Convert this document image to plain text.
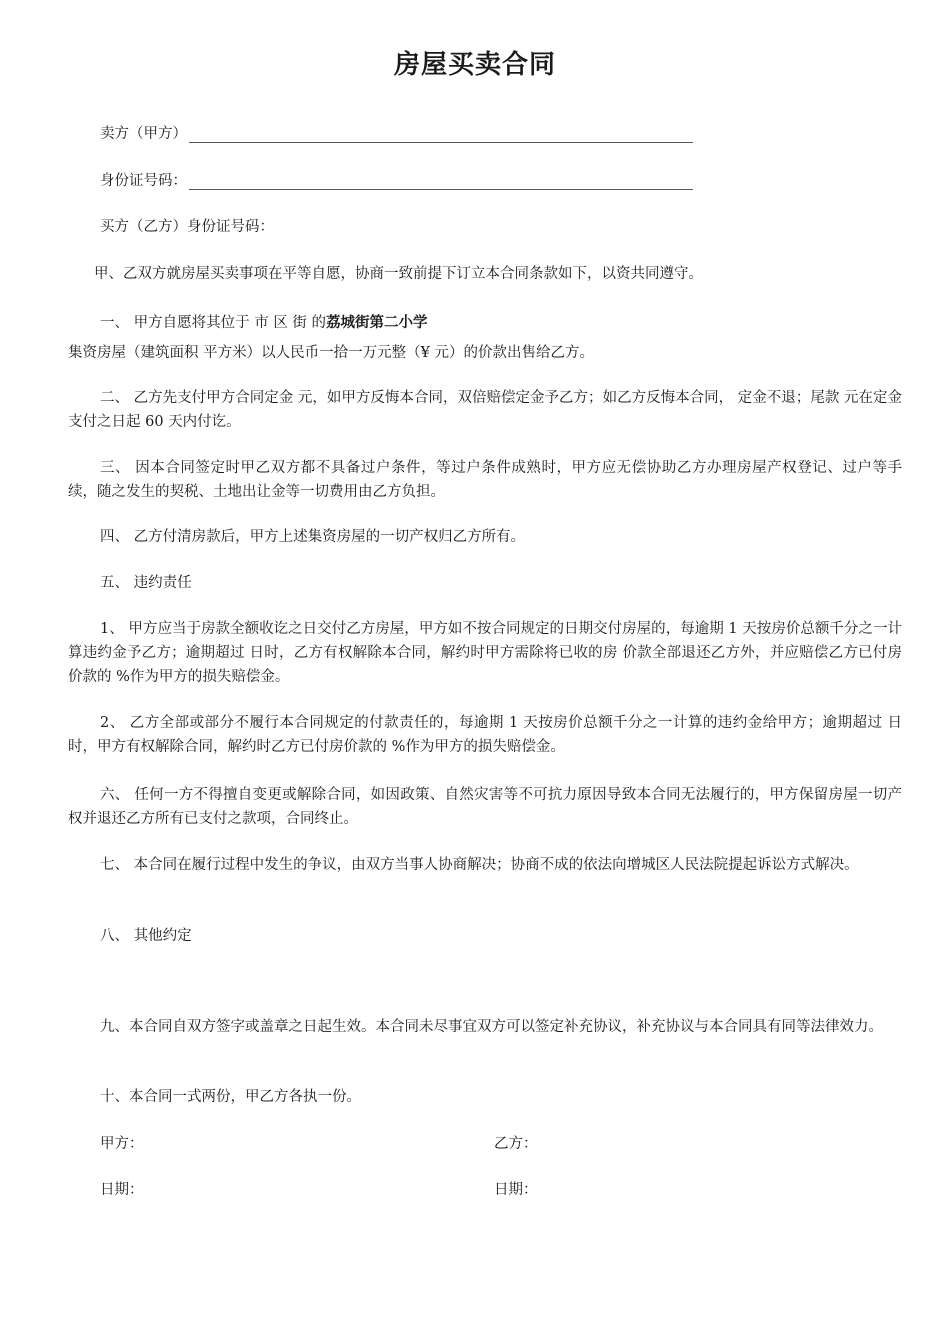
房屋买卖合同
卖方（甲方）
身份证号码：
买方（乙方）身份证号码：
甲、乙双方就房屋买卖事项在平等自愿，协商一致前提下订立本合同条款如下，以资共同遵守。
一、 甲方自愿将其位于 市 区 街 的荔城街第二小学
集资房屋（建筑面积 平方米）以人民币一拾一万元整（¥ 元）的价款出售给乙方。
二、 乙方先支付甲方合同定金 元，如甲方反悔本合同，双倍赔偿定金予乙方；如乙方反悔本合同， 定金不退；尾款 元在定金支付之日起 60 天内付讫。
三、 因本合同签定时甲乙双方都不具备过户条件，等过户条件成熟时，甲方应无偿协助乙方办理房屋产权登记、过户等手续，随之发生的契税、土地出让金等一切费用由乙方负担。
四、 乙方付清房款后，甲方上述集资房屋的一切产权归乙方所有。
五、 违约责任
1、 甲方应当于房款全额收讫之日交付乙方房屋，甲方如不按合同规定的日期交付房屋的，每逾期 1 天按房价总额千分之一计算违约金予乙方；逾期超过 日时，乙方有权解除本合同，解约时甲方需除将已收的房 价款全部退还乙方外，并应赔偿乙方已付房价款的 %作为甲方的损失赔偿金。
2、 乙方全部或部分不履行本合同规定的付款责任的，每逾期 1 天按房价总额千分之一计算的违约金给甲方；逾期超过 日时，甲方有权解除合同，解约时乙方已付房价款的 %作为甲方的损失赔偿金。
六、 任何一方不得擅自变更或解除合同，如因政策、自然灾害等不可抗力原因导致本合同无法履行的，甲方保留房屋一切产权并退还乙方所有已支付之款项，合同终止。
七、 本合同在履行过程中发生的争议，由双方当事人协商解决；协商不成的依法向增城区人民法院提起诉讼方式解决。
八、 其他约定
九、本合同自双方签字或盖章之日起生效。本合同未尽事宜双方可以签定补充协议，补充协议与本合同具有同等法律效力。
十、本合同一式两份，甲乙方各执一份。
甲方：	乙方：
日期：	日期：
